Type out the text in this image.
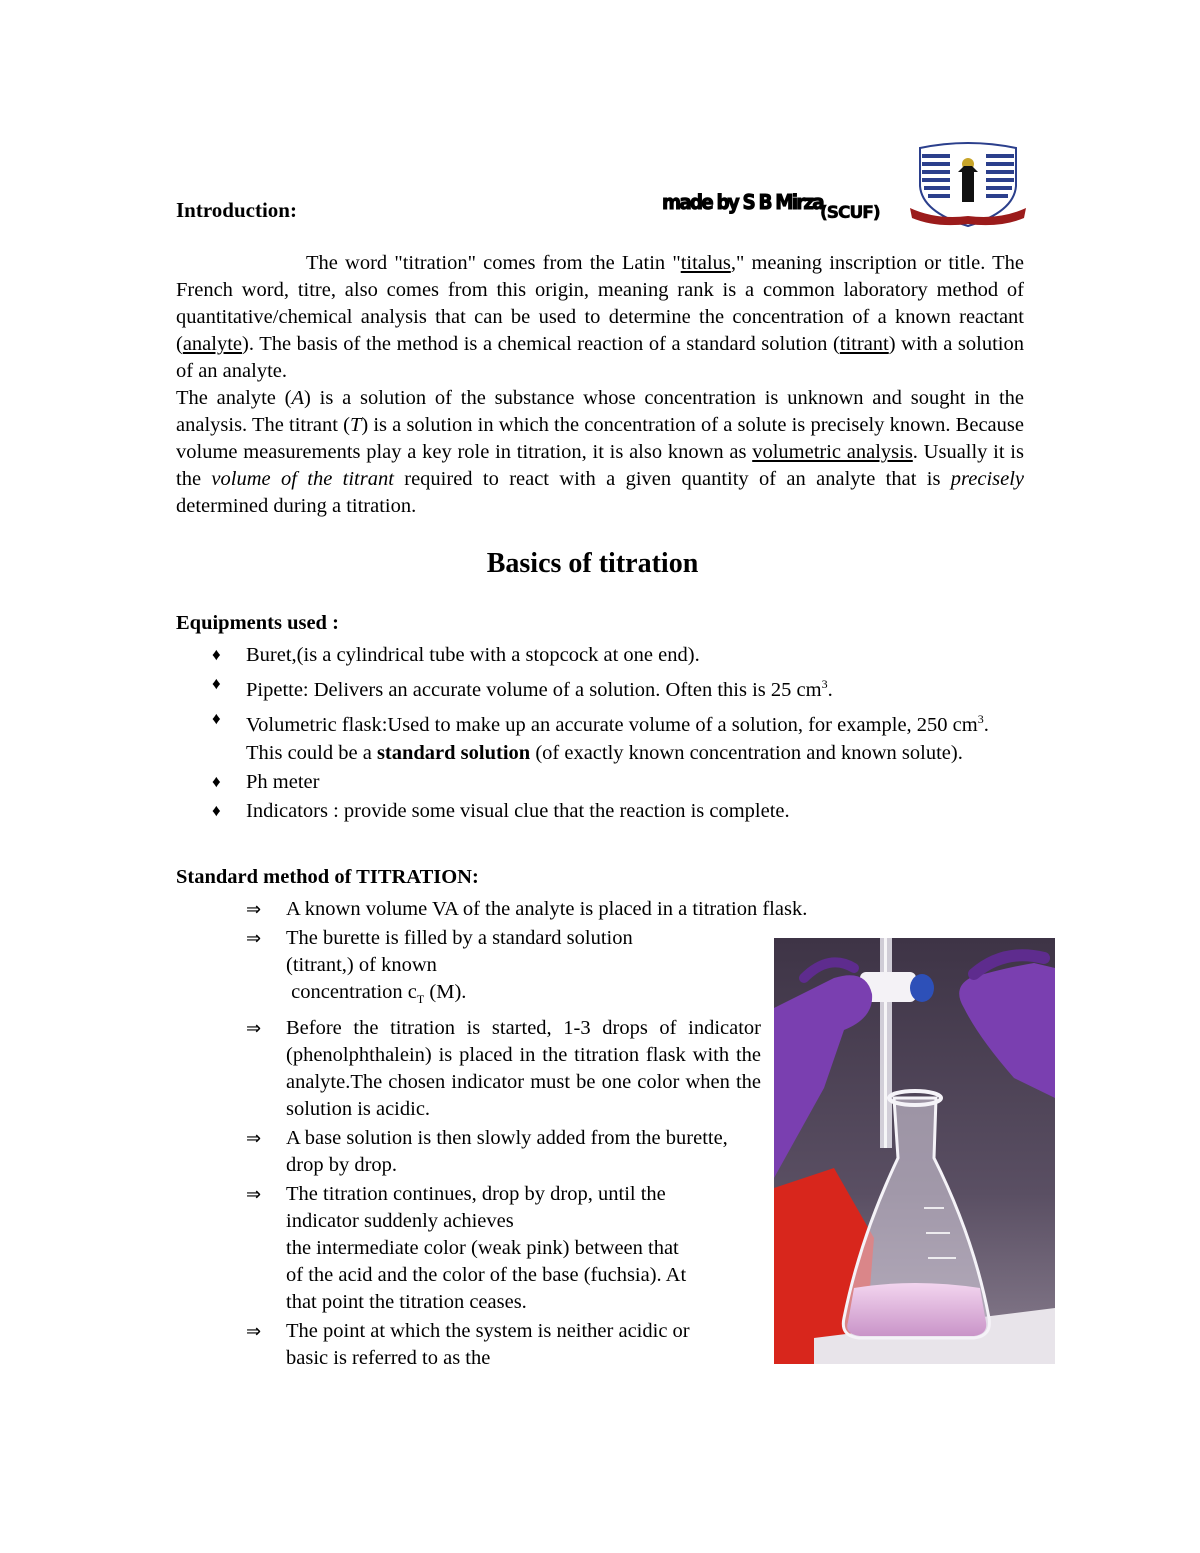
Introduction:	made by S B Mirza
(SCUF)

The word "titration" comes from the Latin "titalus," meaning inscription or title. The French word, titre, also comes from this origin, meaning rank is a common laboratory method of quantitative/chemical analysis that can be used to determine the concentration of a known reactant (analyte). The basis of the method is a chemical reaction of a standard solution (titrant) with a solution of an analyte.

The analyte (A) is a solution of the substance whose concentration is unknown and sought in the analysis. The titrant (T) is a solution in which the concentration of a solute is precisely known. Because volume measurements play a key role in titration, it is also known as volumetric analysis. Usually it is the volume of the titrant required to react with a given quantity of an analyte that is precisely determined during a titration.

Basics of titration
Equipments used :
♦ Buret,(is a cylindrical tube with a stopcock at one end).
♦ Pipette: Delivers an accurate volume of a solution. Often this is 25 $cm^3$.
♦ Volumetric flask:Used to make up an accurate volume of a solution, for example, 250 $cm^3$. This could be a standard solution (of exactly known concentration and known solute).
♦ Ph meter
♦ Indicators : provide some visual clue that the reaction is complete.
Standard method of TITRATION:
⇒ A known volume VA of the analyte is placed in a titration flask.
⇒ The burette is filled by a standard solution
(titrant,) of known
concentration $c_T$ (M).
⇒ Before the titration is started, 1-3 drops of indicator (phenolphthalein) is placed in the titration flask with the analyte.The chosen indicator must be one color when the solution is acidic.
⇒ A base solution is then slowly added from the burette, drop by drop.
⇒ The titration continues, drop by drop, until the
indicator suddenly achieves
the intermediate color (weak pink) between that
of the acid and the color of the base (fuchsia). At
that point the titration ceases.
⇒ The point at which the system is neither acidic or
basic is referred to as the
